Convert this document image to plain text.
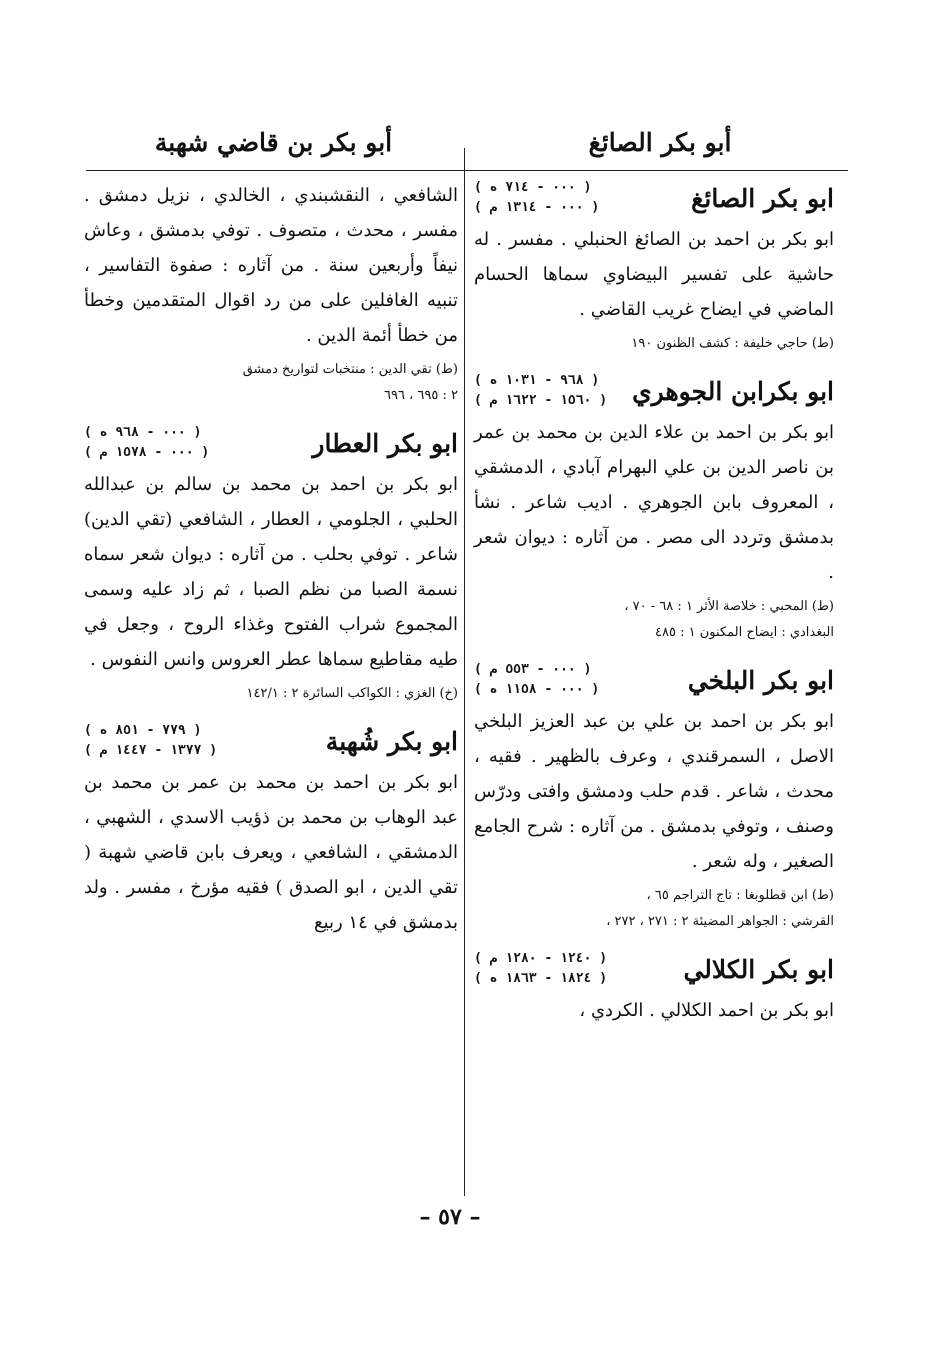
أبو بكر الصائغ
أبو بكر بن قاضي شهبة
ابو بكر الصائغ
( ٠٠٠ - ٧١٤ ه )
( ٠٠٠ - ١٣١٤ م )

ابو بكر بن احمد بن الصائغ الحنبلي . مفسر . له حاشية على تفسير البيضاوي سماها الحسام الماضي في ايضاح غريب القاضي .

(ط) حاجي خليفة : كشف الظنون ١٩٠

ابو بكرابن الجوهري
( ٩٦٨ - ١٠٣١ ه )
( ١٥٦٠ - ١٦٢٢ م )

ابو بكر بن احمد بن علاء الدين بن محمد بن عمر بن ناصر الدين بن علي البهرام آبادي ، الدمشقي ، المعروف بابن الجوهري . اديب شاعر . نشأ بدمشق وتردد الى مصر . من آثاره : ديوان شعر .

(ط) المحبي : خلاصة الأثر ١ : ٦٨ - ٧٠ ،
البغدادي : ايضاح المكنون ١ : ٤٨٥

ابو بكر البلخي
( ٠٠٠ - ٥٥٣ م )
( ٠٠٠ - ١١٥٨ ه )

ابو بكر بن احمد بن علي بن عبد العزيز البلخي الاصل ، السمرقندي ، وعرف بالظهير . فقيه ، محدث ، شاعر . قدم حلب ودمشق وافتى ودرّس وصنف ، وتوفي بدمشق . من آثاره : شرح الجامع الصغير ، وله شعر .

(ط) ابن قطلوبغا : تاج التراجم ٦٥ ،
القرشي : الجواهر المضيئة ٢ : ٢٧١ ، ٢٧٢ ،

ابو بكر الكلالي
( ١٢٤٠ - ١٢٨٠ م )
( ١٨٢٤ - ١٨٦٣ ه )

ابو بكر بن احمد الكلالي . الكردي ،

الشافعي ، النقشبندي ، الخالدي ، نزيل دمشق . مفسر ، محدث ، متصوف . توفي بدمشق ، وعاش نيفاً وأربعين سنة . من آثاره : صفوة التفاسير ، تنبيه الغافلين على من رد اقوال المتقدمين وخطأ من خطأ أئمة الدين .

(ط) تقي الدين : منتخبات لتواريخ دمشق
٢ : ٦٩٥ ، ٦٩٦

ابو بكر العطار
( ٠٠٠ - ٩٦٨ ه )
( ٠٠٠ - ١٥٧٨ م )

ابو بكر بن احمد بن محمد بن سالم بن عبدالله الحلبي ، الجلومي ، العطار ، الشافعي (تقي الدين) شاعر . توفي بحلب . من آثاره : ديوان شعر سماه نسمة الصبا من نظم الصبا ، ثم زاد عليه وسمى المجموع شراب الفتوح وغذاء الروح ، وجعل في طيه مقاطيع سماها عطر العروس وانس النفوس .

(خ) الغزي : الكواكب السائرة ٢ : ١٤٢/١

ابو بكر شُهبة
( ٧٧٩ - ٨٥١ ه )
( ١٣٧٧ - ١٤٤٧ م )

ابو بكر بن احمد بن محمد بن عمر بن محمد بن عبد الوهاب بن محمد بن ذؤيب الاسدي ، الشهبي ، الدمشقي ، الشافعي ، ويعرف بابن قاضي شهبة ( تقي الدين ، ابو الصدق ) فقيه مؤرخ ، مفسر . ولد بدمشق في ١٤ ربيع

– ٥٧ –
